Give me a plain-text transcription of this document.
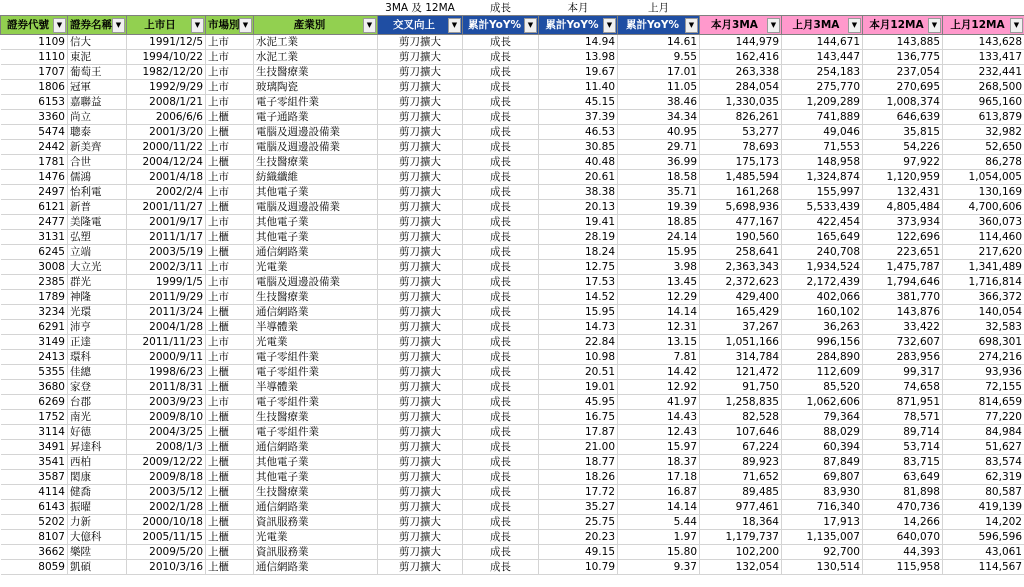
					3MA 及 12MA	成長	本月	上月				
證券代號 ▼	證券名稱 ▼	上市日 ▼	市場別 ▼	產業別 ▼	交叉向上 ▼	累計YoY% ▼	累計YoY% ▼	累計YoY% ▼	本月3MA ▼	上月3MA ▼	本月12MA ▼	上月12MA ▼

1109	信大	1991/12/5	上市	水泥工業	剪刀擴大	成長	14.94	14.61	144,979	144,671	143,885	143,628
1110	東泥	1994/10/22	上市	水泥工業	剪刀擴大	成長	13.98	9.55	162,416	143,447	136,775	133,417
1707	葡萄王	1982/12/20	上市	生技醫療業	剪刀擴大	成長	19.67	17.01	263,338	254,183	237,054	232,441
1806	冠軍	1992/9/29	上市	玻璃陶瓷	剪刀擴大	成長	11.40	11.05	284,054	275,770	270,695	268,500
6153	嘉聯益	2008/1/21	上市	電子零組件業	剪刀擴大	成長	45.15	38.46	1,330,035	1,209,289	1,008,374	965,160
3360	尚立	2006/6/6	上櫃	電子通路業	剪刀擴大	成長	37.39	34.34	826,261	741,889	646,639	613,879
5474	聰泰	2001/3/20	上櫃	電腦及週邊設備業	剪刀擴大	成長	46.53	40.95	53,277	49,046	35,815	32,982
2442	新美齊	2000/11/22	上市	電腦及週邊設備業	剪刀擴大	成長	30.85	29.71	78,693	71,553	54,226	52,650
1781	合世	2004/12/24	上櫃	生技醫療業	剪刀擴大	成長	40.48	36.99	175,173	148,958	97,922	86,278
1476	儒鴻	2001/4/18	上市	紡織纖維	剪刀擴大	成長	20.61	18.58	1,485,594	1,324,874	1,120,959	1,054,005
2497	怡利電	2002/2/4	上市	其他電子業	剪刀擴大	成長	38.38	35.71	161,268	155,997	132,431	130,169
6121	新普	2001/11/27	上櫃	電腦及週邊設備業	剪刀擴大	成長	20.13	19.39	5,698,936	5,533,439	4,805,484	4,700,606
2477	美隆電	2001/9/17	上市	其他電子業	剪刀擴大	成長	19.41	18.85	477,167	422,454	373,934	360,073
3131	弘塑	2011/1/17	上櫃	其他電子業	剪刀擴大	成長	28.19	24.14	190,560	165,649	122,696	114,460
6245	立端	2003/5/19	上櫃	通信網路業	剪刀擴大	成長	18.24	15.95	258,641	240,708	223,651	217,620
3008	大立光	2002/3/11	上市	光電業	剪刀擴大	成長	12.75	3.98	2,363,343	1,934,524	1,475,787	1,341,489
2385	群光	1999/1/5	上市	電腦及週邊設備業	剪刀擴大	成長	17.53	13.45	2,372,623	2,172,439	1,794,646	1,716,814
1789	神隆	2011/9/29	上市	生技醫療業	剪刀擴大	成長	14.52	12.29	429,400	402,066	381,770	366,372
3234	光環	2011/3/24	上櫃	通信網路業	剪刀擴大	成長	15.95	14.14	165,429	160,102	143,876	140,054
6291	沛亨	2004/1/28	上櫃	半導體業	剪刀擴大	成長	14.73	12.31	37,267	36,263	33,422	32,583
3149	正達	2011/11/23	上市	光電業	剪刀擴大	成長	22.84	13.15	1,051,166	996,156	732,607	698,301
2413	環科	2000/9/11	上市	電子零組件業	剪刀擴大	成長	10.98	7.81	314,784	284,890	283,956	274,216
5355	佳總	1998/6/23	上櫃	電子零組件業	剪刀擴大	成長	20.51	14.42	121,472	112,609	99,317	93,936
3680	家登	2011/8/31	上櫃	半導體業	剪刀擴大	成長	19.01	12.92	91,750	85,520	74,658	72,155
6269	台郡	2003/9/23	上市	電子零組件業	剪刀擴大	成長	45.95	41.97	1,258,835	1,062,606	871,951	814,659
1752	南光	2009/8/10	上櫃	生技醫療業	剪刀擴大	成長	16.75	14.43	82,528	79,364	78,571	77,220
3114	好德	2004/3/25	上櫃	電子零組件業	剪刀擴大	成長	17.87	12.43	107,646	88,029	89,714	84,984
3491	昇達科	2008/1/3	上櫃	通信網路業	剪刀擴大	成長	21.00	15.97	67,224	60,394	53,714	51,627
3541	西柏	2009/12/22	上櫃	其他電子業	剪刀擴大	成長	18.77	18.37	89,923	87,849	83,715	83,574
3587	閎康	2009/8/18	上櫃	其他電子業	剪刀擴大	成長	18.26	17.18	71,652	69,807	63,649	62,319
4114	健喬	2003/5/12	上櫃	生技醫療業	剪刀擴大	成長	17.72	16.87	89,485	83,930	81,898	80,587
6143	振曜	2002/1/28	上櫃	通信網路業	剪刀擴大	成長	35.27	14.14	977,461	716,340	470,736	419,139
5202	力新	2000/10/18	上櫃	資訊服務業	剪刀擴大	成長	25.75	5.44	18,364	17,913	14,266	14,202
8107	大億科	2005/11/15	上櫃	光電業	剪刀擴大	成長	20.23	1.97	1,179,737	1,135,007	640,070	596,596
3662	樂陞	2009/5/20	上櫃	資訊服務業	剪刀擴大	成長	49.15	15.80	102,200	92,700	44,393	43,061
8059	凱碩	2010/3/16	上櫃	通信網路業	剪刀擴大	成長	10.79	9.37	132,054	130,514	115,958	114,567
